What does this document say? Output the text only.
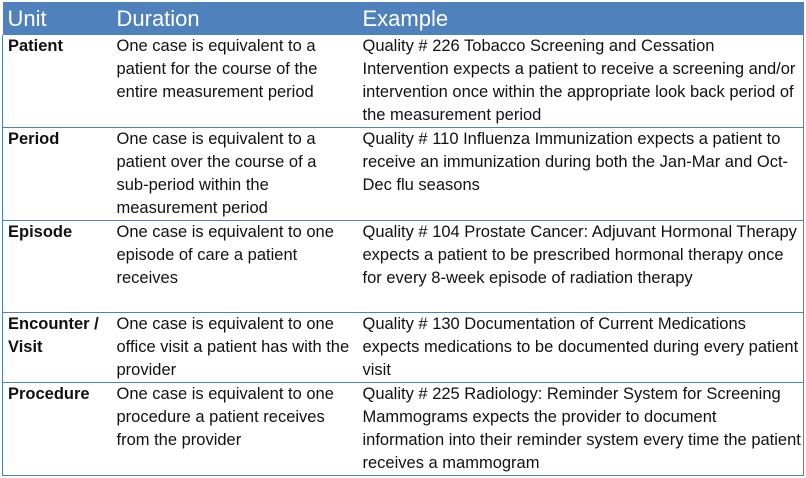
Unit	Duration	Example
Patient	One case is equivalent to a patient for the course of the entire measurement period	Quality # 226 Tobacco Screening and Cessation Intervention expects a patient to receive a screening and/or intervention once within the appropriate look back period of the measurement period
Period	One case is equivalent to a patient over the course of a sub-period within the measurement period	Quality # 110 Influenza Immunization expects a patient to receive an immunization during both the Jan-Mar and Oct-Dec flu seasons
Episode	One case is equivalent to one episode of care a patient receives	Quality # 104 Prostate Cancer: Adjuvant Hormonal Therapy expects a patient to be prescribed hormonal therapy once for every 8-week episode of radiation therapy
Encounter / Visit	One case is equivalent to one office visit a patient has with the provider	Quality # 130 Documentation of Current Medications expects medications to be documented during every patient visit
Procedure	One case is equivalent to one procedure a patient receives from the provider	Quality # 225 Radiology: Reminder System for Screening Mammograms expects the provider to document information into their reminder system every time the patient receives a mammogram
